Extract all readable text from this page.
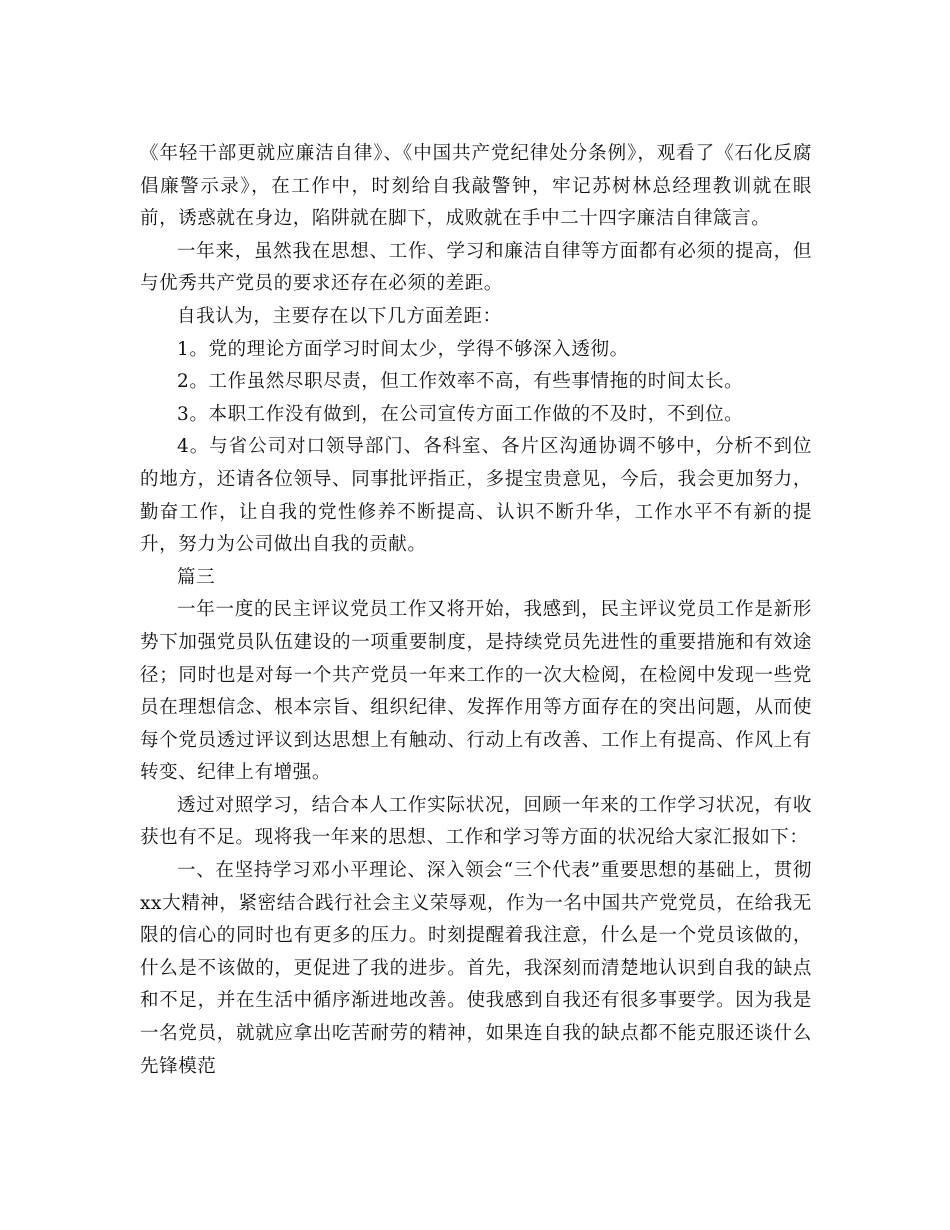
《年轻干部更就应廉洁自律》、《中国共产党纪律处分条例》，观看了《石化反腐倡廉警示录》，在工作中，时刻给自我敲警钟，牢记苏树林总经理教训就在眼前，诱惑就在身边，陷阱就在脚下，成败就在手中二十四字廉洁自律箴言。

一年来，虽然我在思想、工作、学习和廉洁自律等方面都有必须的提高，但与优秀共产党员的要求还存在必须的差距。

自我认为，主要存在以下几方面差距：

1。党的理论方面学习时间太少，学得不够深入透彻。

2。工作虽然尽职尽责，但工作效率不高，有些事情拖的时间太长。

3。本职工作没有做到，在公司宣传方面工作做的不及时，不到位。

4。与省公司对口领导部门、各科室、各片区沟通协调不够中，分析不到位的地方，还请各位领导、同事批评指正，多提宝贵意见，今后，我会更加努力，勤奋工作，让自我的党性修养不断提高、认识不断升华，工作水平不有新的提升，努力为公司做出自我的贡献。

篇三

一年一度的民主评议党员工作又将开始，我感到，民主评议党员工作是新形势下加强党员队伍建设的一项重要制度，是持续党员先进性的重要措施和有效途径；同时也是对每一个共产党员一年来工作的一次大检阅，在检阅中发现一些党员在理想信念、根本宗旨、组织纪律、发挥作用等方面存在的突出问题，从而使每个党员透过评议到达思想上有触动、行动上有改善、工作上有提高、作风上有转变、纪律上有增强。

透过对照学习，结合本人工作实际状况，回顾一年来的工作学习状况，有收获也有不足。现将我一年来的思想、工作和学习等方面的状况给大家汇报如下：

一、在坚持学习邓小平理论、深入领会“三个代表”重要思想的基础上，贯彻xx大精神，紧密结合践行社会主义荣辱观，作为一名中国共产党党员，在给我无限的信心的同时也有更多的压力。时刻提醒着我注意，什么是一个党员该做的，什么是不该做的，更促进了我的进步。首先，我深刻而清楚地认识到自我的缺点和不足，并在生活中循序渐进地改善。使我感到自我还有很多事要学。因为我是一名党员，就就应拿出吃苦耐劳的精神，如果连自我的缺点都不能克服还谈什么先锋模范
